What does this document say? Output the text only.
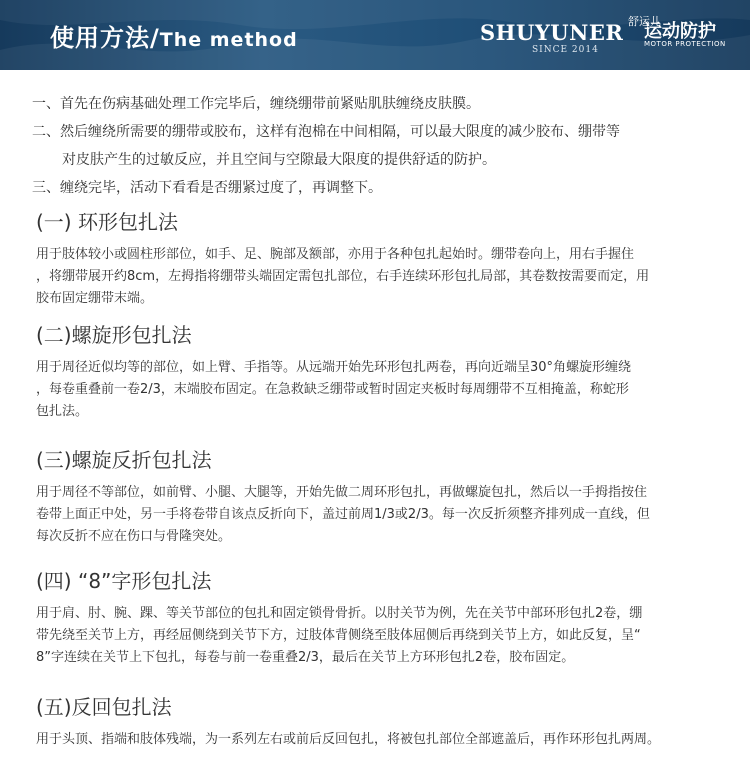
使用方法/The method	SHUYUNER
SINCE 2014
舒运儿
运动防护
MOTOR PROTECTION

一、首先在伤病基础处理工作完毕后，缠绕绷带前紧贴肌肤缠绕皮肤膜。

二、然后缠绕所需要的绷带或胶布，这样有泡棉在中间相隔，可以最大限度的减少胶布、绷带等

对皮肤产生的过敏反应，并且空间与空隙最大限度的提供舒适的防护。

三、缠绕完毕，活动下看看是否绷紧过度了，再调整下。

(一) 环形包扎法
用于肢体较小或圆柱形部位，如手、足、腕部及额部，亦用于各种包扎起始时。绷带卷向上，用右手握住
，将绷带展开约8cm，左拇指将绷带头端固定需包扎部位，右手连续环形包扎局部，其卷数按需要而定，用
胶布固定绷带末端。
(二)螺旋形包扎法
用于周径近似均等的部位，如上臂、手指等。从远端开始先环形包扎两卷，再向近端呈30°角螺旋形缠绕
，每卷重叠前一卷2/3，末端胶布固定。在急救缺乏绷带或暂时固定夹板时每周绷带不互相掩盖，称蛇形
包扎法。
(三)螺旋反折包扎法
用于周径不等部位，如前臂、小腿、大腿等，开始先做二周环形包扎，再做螺旋包扎，然后以一手拇指按住
卷带上面正中处，另一手将卷带自该点反折向下，盖过前周1/3或2/3。每一次反折须整齐排列成一直线，但
每次反折不应在伤口与骨隆突处。
(四) “8”字形包扎法
用于肩、肘、腕、踝、等关节部位的包扎和固定锁骨骨折。以肘关节为例，先在关节中部环形包扎2卷，绷
带先绕至关节上方，再经屈侧绕到关节下方，过肢体背侧绕至肢体屈侧后再绕到关节上方，如此反复，呈“
8”字连续在关节上下包扎，每卷与前一卷重叠2/3，最后在关节上方环形包扎2卷，胶布固定。
(五)反回包扎法
用于头顶、指端和肢体残端，为一系列左右或前后反回包扎，将被包扎部位全部遮盖后，再作环形包扎两周。
